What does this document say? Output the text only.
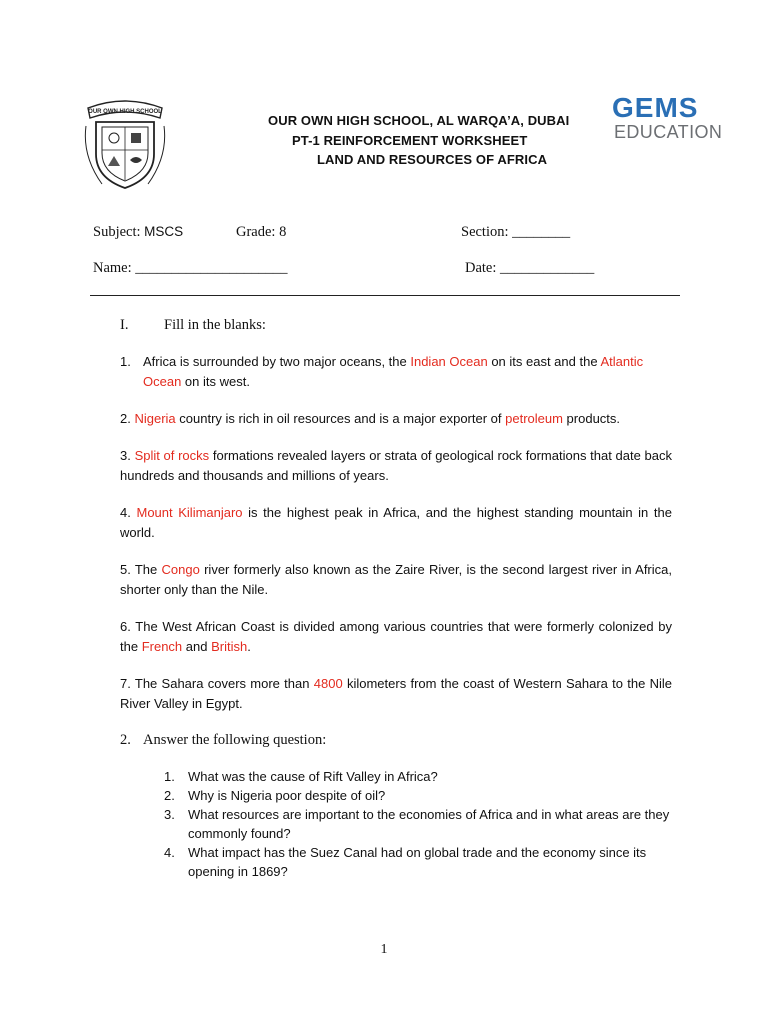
OUR OWN HIGH SCHOOL
OUR OWN HIGH SCHOOL, AL WARQA’A, DUBAI
PT-1 REINFORCEMENT WORKSHEET
LAND AND RESOURCES OF AFRICA
GEMS
EDUCATION
Subject: MSCS	Grade: 8	Section: ________
Name: _____________________	Date: _____________
I. Fill in the blanks:
1. Africa is surrounded by two major oceans, the Indian Ocean on its east and the Atlantic Ocean on its west.
2. Nigeria country is rich in oil resources and is a major exporter of petroleum products.
3. Split of rocks formations revealed layers or strata of geological rock formations that date back hundreds and thousands and millions of years.
4. Mount Kilimanjaro is the highest peak in Africa, and the highest standing mountain in the world.
5. The Congo river formerly also known as the Zaire River, is the second largest river in Africa, shorter only than the Nile.
6. The West African Coast is divided among various countries that were formerly colonized by the French and British.
7. The Sahara covers more than 4800 kilometers from the coast of Western Sahara to the Nile River Valley in Egypt.
2. Answer the following question:
1. What was the cause of Rift Valley in Africa?
2. Why is Nigeria poor despite of oil?
3. What resources are important to the economies of Africa and in what areas are they commonly found?
4. What impact has the Suez Canal had on global trade and the economy since its opening in 1869?
1
